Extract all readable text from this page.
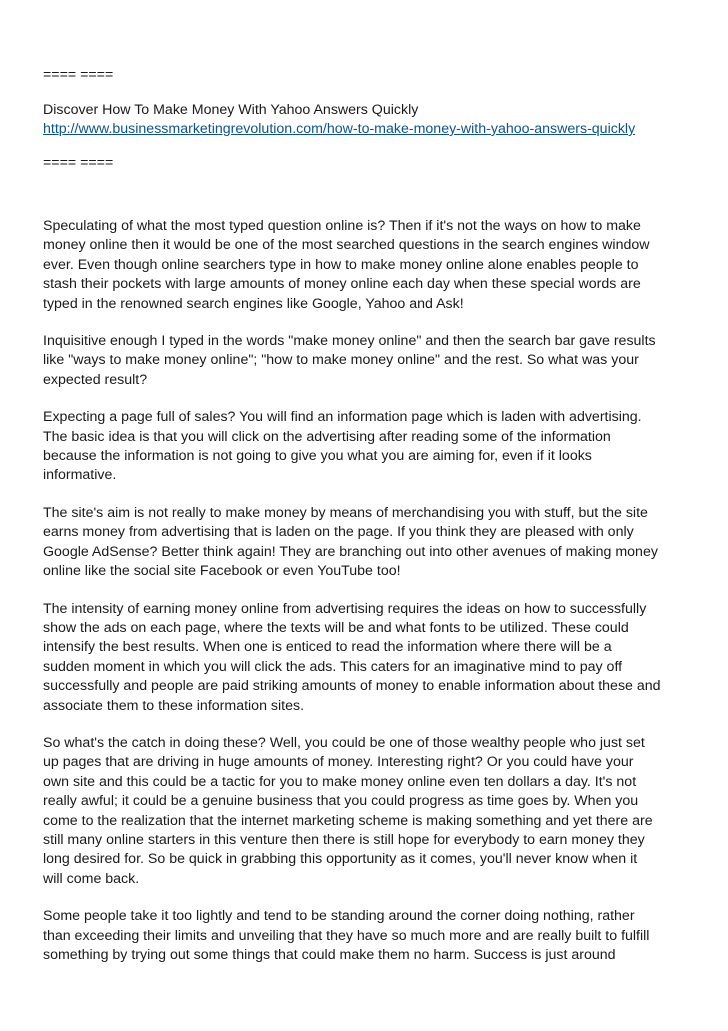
==== ====

Discover How To Make Money With Yahoo Answers Quickly

http://www.businessmarketingrevolution.com/how-to-make-money-with-yahoo-answers-quickly

==== ====

Speculating of what the most typed question online is? Then if it's not the ways on how to make
money online then it would be one of the most searched questions in the search engines window
ever. Even though online searchers type in how to make money online alone enables people to
stash their pockets with large amounts of money online each day when these special words are
typed in the renowned search engines like Google, Yahoo and Ask!
Inquisitive enough I typed in the words "make money online" and then the search bar gave results
like "ways to make money online"; "how to make money online" and the rest. So what was your
expected result?
Expecting a page full of sales? You will find an information page which is laden with advertising.
The basic idea is that you will click on the advertising after reading some of the information
because the information is not going to give you what you are aiming for, even if it looks
informative.
The site's aim is not really to make money by means of merchandising you with stuff, but the site
earns money from advertising that is laden on the page. If you think they are pleased with only
Google AdSense? Better think again! They are branching out into other avenues of making money
online like the social site Facebook or even YouTube too!
The intensity of earning money online from advertising requires the ideas on how to successfully
show the ads on each page, where the texts will be and what fonts to be utilized. These could
intensify the best results. When one is enticed to read the information where there will be a
sudden moment in which you will click the ads. This caters for an imaginative mind to pay off
successfully and people are paid striking amounts of money to enable information about these and
associate them to these information sites.
So what's the catch in doing these? Well, you could be one of those wealthy people who just set
up pages that are driving in huge amounts of money. Interesting right? Or you could have your
own site and this could be a tactic for you to make money online even ten dollars a day. It's not
really awful; it could be a genuine business that you could progress as time goes by. When you
come to the realization that the internet marketing scheme is making something and yet there are
still many online starters in this venture then there is still hope for everybody to earn money they
long desired for. So be quick in grabbing this opportunity as it comes, you'll never know when it
will come back.
Some people take it too lightly and tend to be standing around the corner doing nothing, rather
than exceeding their limits and unveiling that they have so much more and are really built to fulfill
something by trying out some things that could make them no harm. Success is just around
